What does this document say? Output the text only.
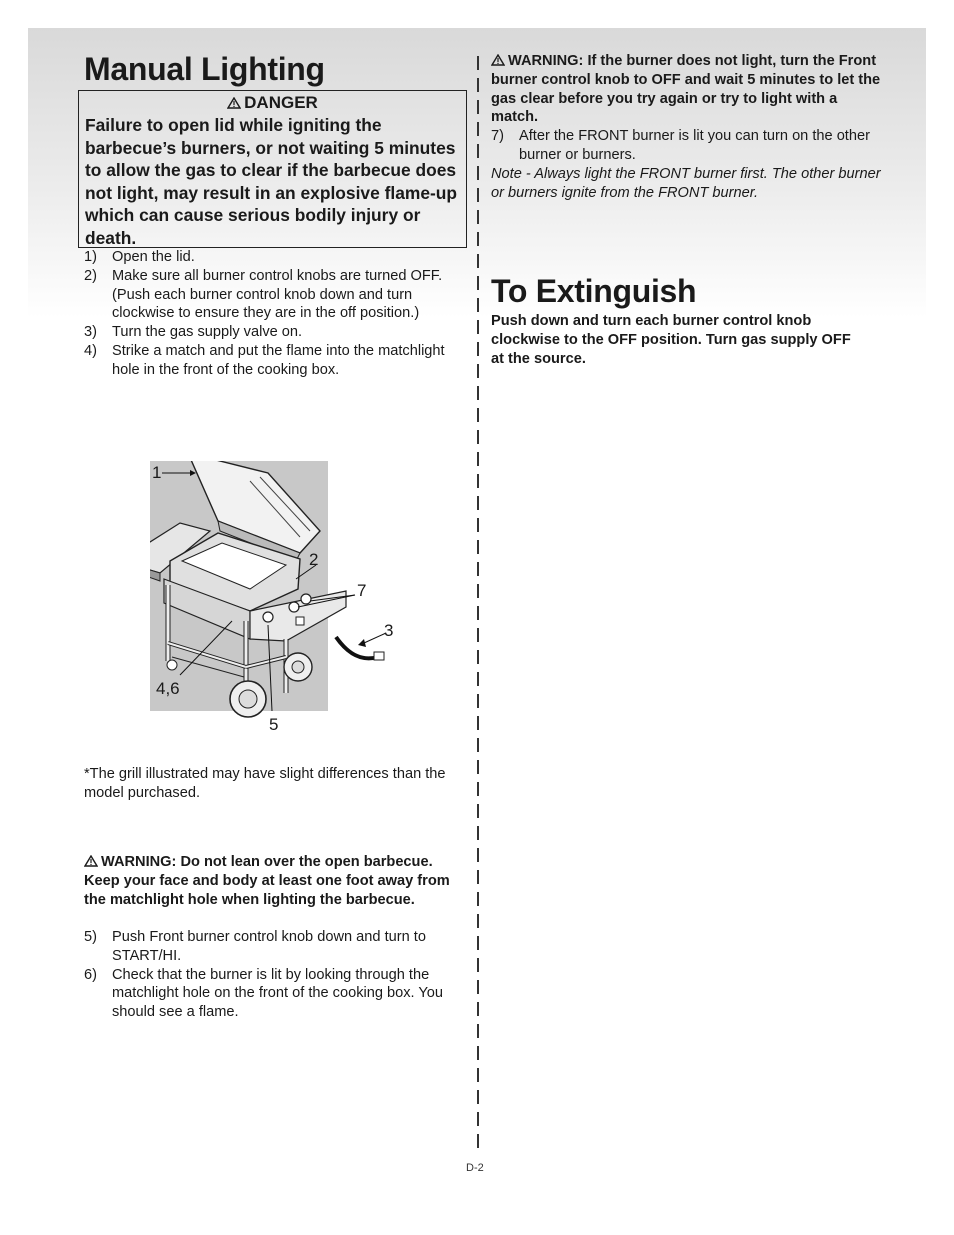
Manual Lighting
DANGER
Failure to open lid while igniting the barbecue’s burners, or not waiting 5 minutes to allow the gas to clear if the barbecue does not light, may result in an explosive flame-up which can cause serious bodily injury or death.
1) Open the lid.
2) Make sure all burner control knobs are turned OFF. (Push each burner control knob down and turn clockwise to ensure they are in the off position.)
3) Turn the gas supply valve on.
4) Strike a match and put the flame into the matchlight hole in the front of the cooking box.
1
2
7
3
4,6
5
*The grill illustrated may have slight differences than the model purchased.
WARNING: Do not lean over the open barbecue. Keep your face and body at least one foot away from the matchlight hole when lighting the barbecue.
5) Push Front burner control knob down and turn to START/HI.
6) Check that the burner is lit by looking through the matchlight hole on the front of the cooking box. You should see a flame.
WARNING: If the burner does not light, turn the Front burner control knob to OFF and wait 5 minutes to let the gas clear before you try again or try to light with a match.
7) After the FRONT burner is lit you can turn on the other burner or burners.
Note - Always light the FRONT burner first. The other burner or burners ignite from the FRONT burner.
To Extinguish
Push down and turn each burner control knob clockwise to the OFF position. Turn gas supply OFF at the source.
D-2
